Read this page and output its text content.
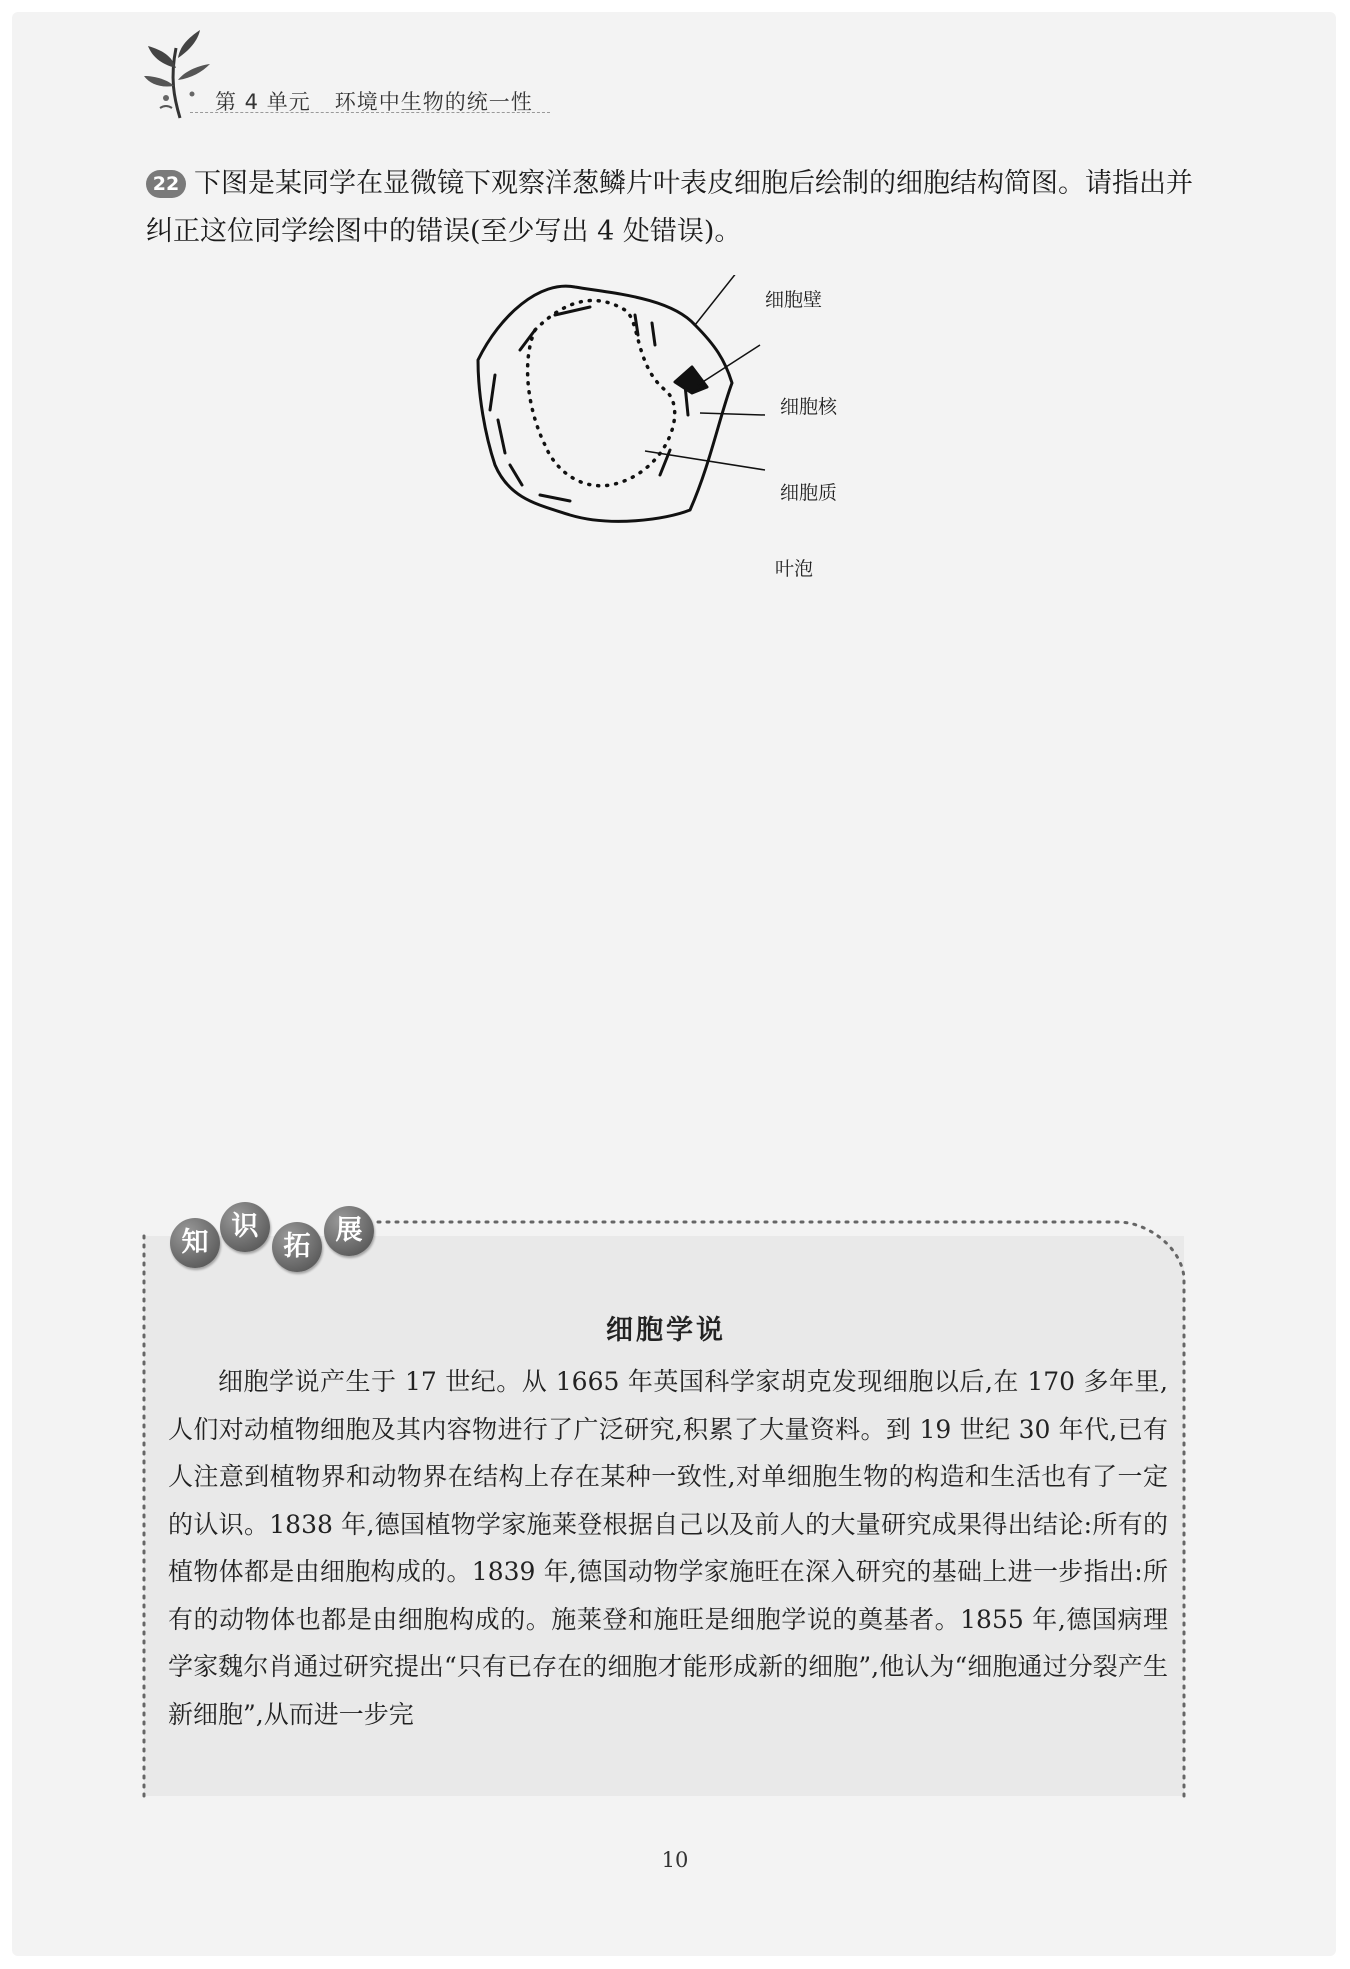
第 4 单元 环境中生物的统一性

22 下图是某同学在显微镜下观察洋葱鳞片叶表皮细胞后绘制的细胞结构简图。请指出并纠正这位同学绘图中的错误(至少写出 4 处错误)。

细胞壁
细胞核
细胞质
叶泡
知
识
拓
展
细胞学说

细胞学说产生于 17 世纪。从 1665 年英国科学家胡克发现细胞以后,在 170 多年里,人们对动植物细胞及其内容物进行了广泛研究,积累了大量资料。到 19 世纪 30 年代,已有人注意到植物界和动物界在结构上存在某种一致性,对单细胞生物的构造和生活也有了一定的认识。1838 年,德国植物学家施莱登根据自己以及前人的大量研究成果得出结论:所有的植物体都是由细胞构成的。1839 年,德国动物学家施旺在深入研究的基础上进一步指出:所有的动物体也都是由细胞构成的。施莱登和施旺是细胞学说的奠基者。1855 年,德国病理学家魏尔肖通过研究提出“只有已存在的细胞才能形成新的细胞”,他认为“细胞通过分裂产生新细胞”,从而进一步完

10
